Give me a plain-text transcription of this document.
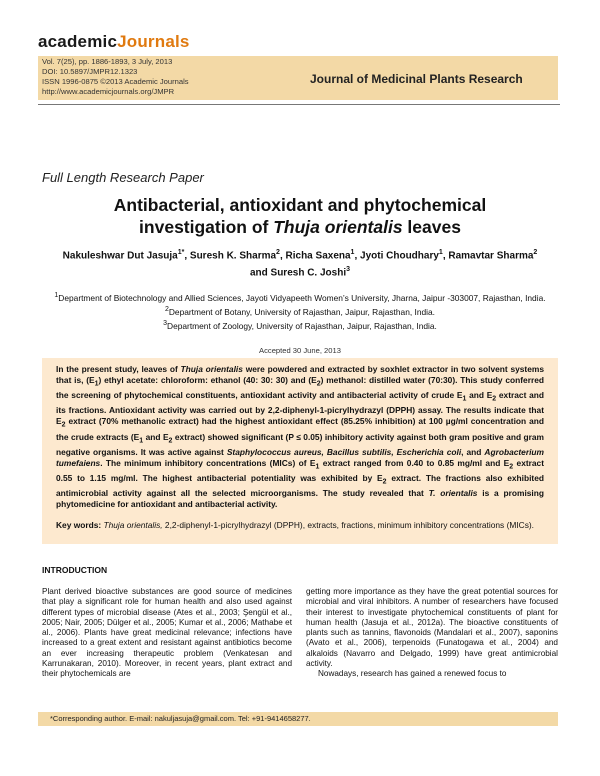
academicJournals
Vol. 7(25), pp. 1886-1893, 3 July, 2013
DOI: 10.5897/JMPR12.1323
ISSN 1996-0875 ©2013 Academic Journals
http://www.academicjournals.org/JMPR
Journal of Medicinal Plants Research
Full Length Research Paper
Antibacterial, antioxidant and phytochemical
investigation of Thuja orientalis leaves
Nakuleshwar Dut Jasuja$^{1*}$, Suresh K. Sharma$^2$, Richa Saxena$^1$, Jyoti Choudhary$^1$, Ramavtar Sharma$^2$ and Suresh C. Joshi$^3$
$^1$Department of Biotechnology and Allied Sciences, Jayoti Vidyapeeth Women’s University, Jharna, Jaipur -303007, Rajasthan, India.
$^2$Department of Botany, University of Rajasthan, Jaipur, Rajasthan, India.
$^3$Department of Zoology, University of Rajasthan, Jaipur, Rajasthan, India.
Accepted 30 June, 2013
In the present study, leaves of Thuja orientalis were powdered and extracted by soxhlet extractor in two solvent systems that is, $(E_1)$ ethyl acetate: chloroform: ethanol (40: 30: 30) and $(E_2)$ methanol: distilled water (70:30). This study conferred the screening of phytochemical constituents, antioxidant activity and antibacterial activity of crude $E_1$ and $E_2$ extract and its fractions. Antioxidant activity was carried out by 2,2-diphenyl-1-picrylhydrazyl (DPPH) assay. The results indicate that $E_2$ extract (70% methanolic extract) had the highest antioxidant effect (85.25% inhibition) at 100 µg/ml concentration and the crude extracts ($E_1$ and $E_2$ extract) showed significant (P ≤ 0.05) inhibitory activity against both gram positive and gram negative organisms. It was active against Staphylococcus aureus, Bacillus subtilis, Escherichia coli, and Agrobacterium tumefaiens. The minimum inhibitory concentrations (MICs) of $E_1$ extract ranged from 0.40 to 0.85 mg/ml and $E_2$ extract 0.55 to 1.15 mg/ml. The highest antibacterial potentiality was exhibited by $E_2$ extract. The fractions also exhibited antimicrobial activity against all the selected microorganisms. The study revealed that T. orientalis is a promising phytomedicine for antioxidant and antibacterial activity.
Key words: Thuja orientalis, 2,2-diphenyl-1-picrylhydrazyl (DPPH), extracts, fractions, minimum inhibitory concentrations (MICs).
INTRODUCTION
Plant derived bioactive substances are good source of medicines that play a significant role for human health and also used against different types of microbial disease (Ates et al., 2003; Şengül et al., 2005; Nair, 2005; Dülger et al., 2005; Kumar et al., 2006; Mathabe et al., 2006). Plants have great medicinal relevance; infections have increased to a great extent and resistant against antibiotics become an ever increasing therapeutic problem (Venkatesan and Karrunakaran, 2010). Moreover, in recent years, plant extract and their phytochemicals are
getting more importance as they have the great potential sources for microbial and viral inhibitors. A number of researchers have focused their interest to investigate phytochemical constituents of plant for human health (Jasuja et al., 2012a). The bioactive constituents of plants such as tannins, flavonoids (Mandalari et al., 2007), saponins (Avato et al., 2006), terpenoids (Funatogawa et al., 2004) and alkaloids (Navarro and Delgado, 1999) have great antimicrobial activity.
Nowadays, research has gained a renewed focus to
*Corresponding author. E-mail: nakuljasuja@gmail.com. Tel: +91-9414658277.
